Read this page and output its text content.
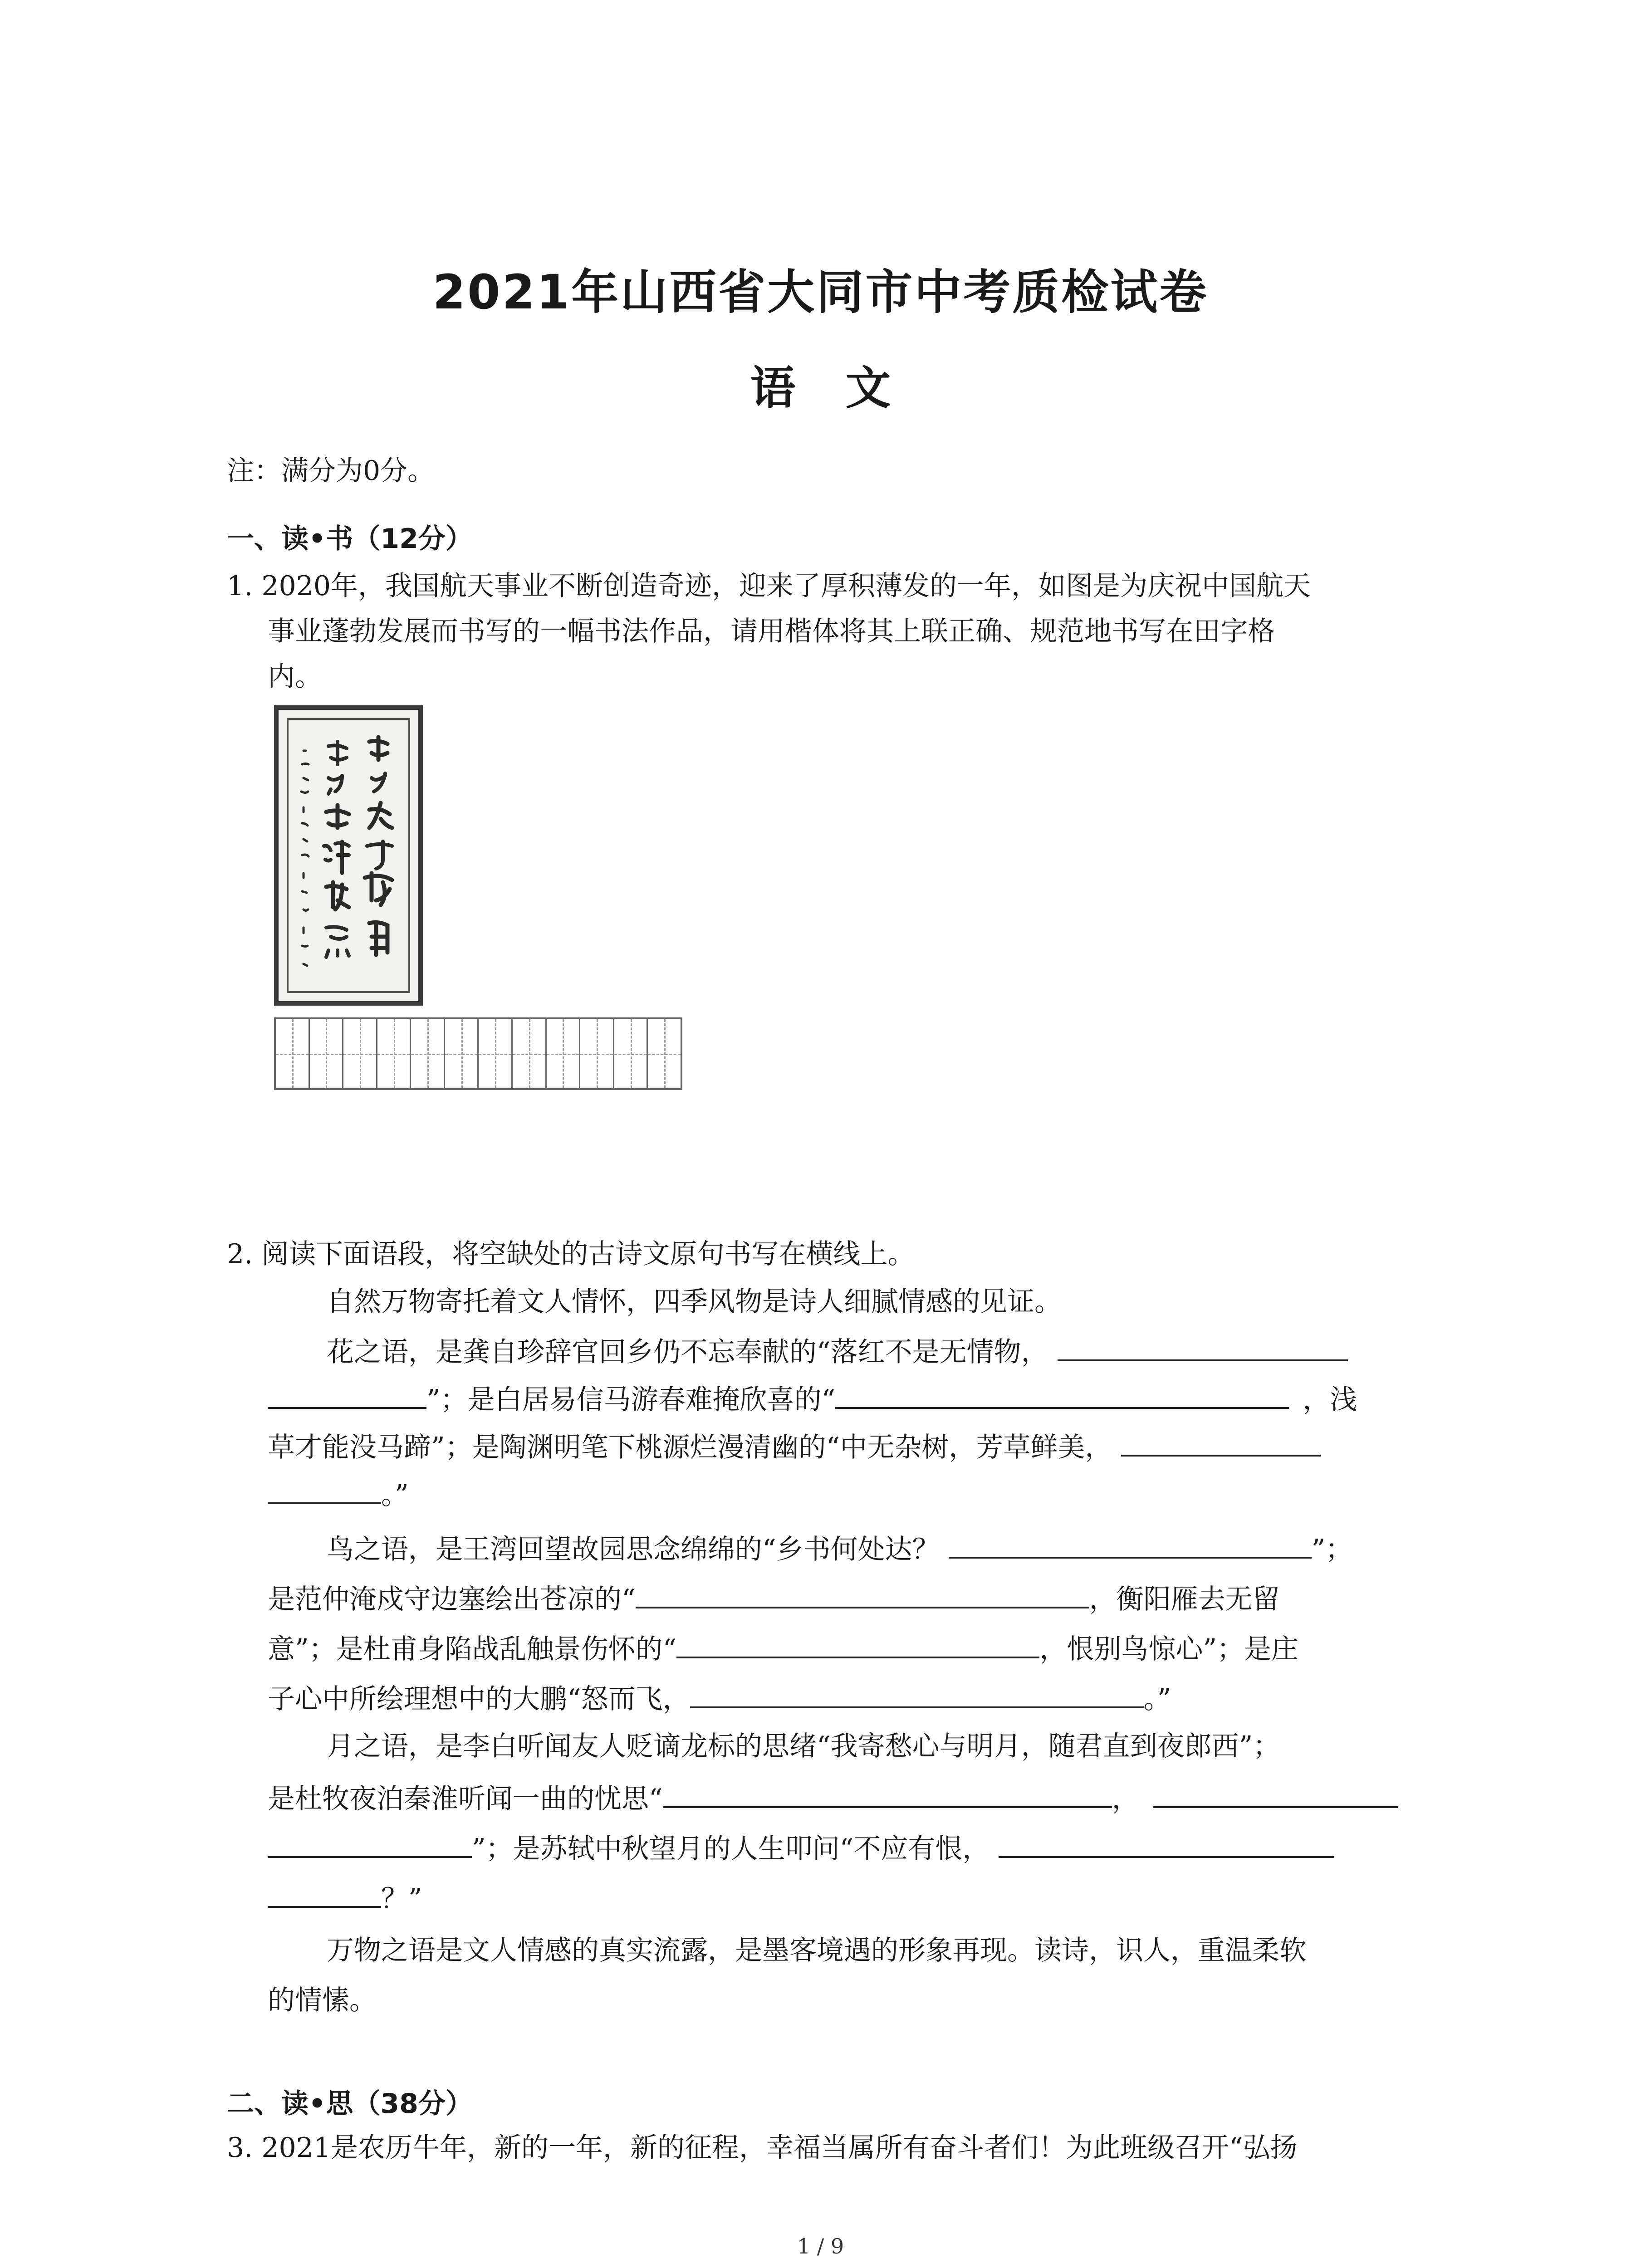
2021年山西省大同市中考质检试卷
语文
注：满分为0分。
一、读•书（12分）
1. 2020年，我国航天事业不断创造奇迹，迎来了厚积薄发的一年，如图是为庆祝中国航天
事业蓬勃发展而书写的一幅书法作品，请用楷体将其上联正确、规范地书写在田字格
内。
2. 阅读下面语段，将空缺处的古诗文原句书写在横线上。
自然万物寄托着文人情怀，四季风物是诗人细腻情感的见证。
花之语，是龚自珍辞官回乡仍不忘奉献的“落红不是无情物，
”；是白居易信马游春难掩欣喜的“	，浅
草才能没马蹄”；是陶渊明笔下桃源烂漫清幽的“中无杂树，芳草鲜美，
。”
鸟之语，是王湾回望故园思念绵绵的“乡书何处达？	”；
是范仲淹戍守边塞绘出苍凉的“	，衡阳雁去无留
意”；是杜甫身陷战乱触景伤怀的“	，恨别鸟惊心”；是庄
子心中所绘理想中的大鹏“怒而飞，	。”
月之语，是李白听闻友人贬谪龙标的思绪“我寄愁心与明月，随君直到夜郎西”；
是杜牧夜泊秦淮听闻一曲的忧思“	，
”；是苏轼中秋望月的人生叩问“不应有恨，
？”
万物之语是文人情感的真实流露，是墨客境遇的形象再现。读诗，识人，重温柔软
的情愫。
二、读•思（38分）
3. 2021是农历牛年，新的一年，新的征程，幸福当属所有奋斗者们！为此班级召开“弘扬
1 / 9
